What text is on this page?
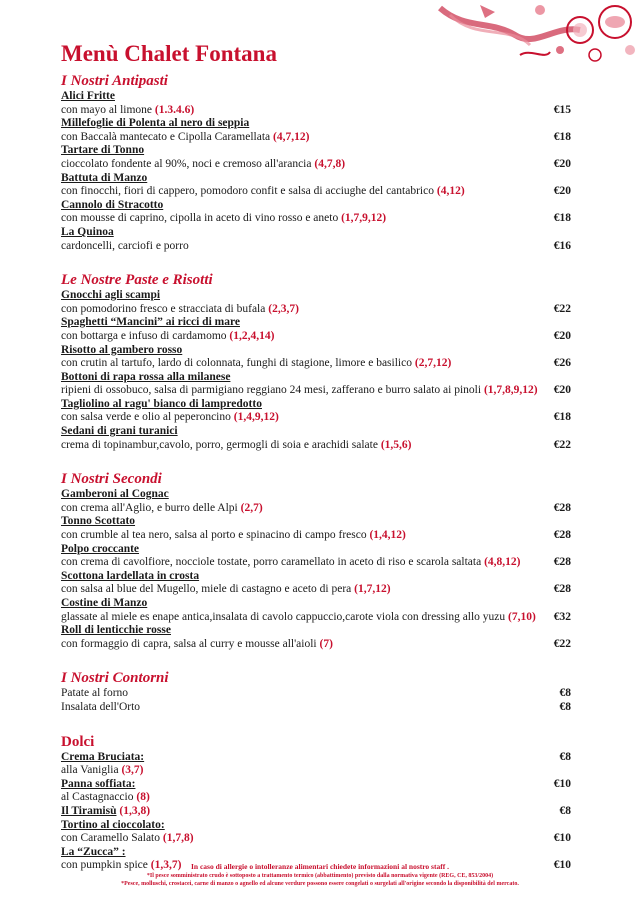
Menù Chalet Fontana
I Nostri Antipasti
Alici Fritte
con mayo al limone (1.3.4.6)	€15
Millefoglie di Polenta al nero di seppia
con Baccalà mantecato e Cipolla Caramellata (4,7,12)	€18
Tartare di Tonno
cioccolato fondente al 90%, noci e cremoso all'arancia (4,7,8)	€20
Battuta di Manzo
con finocchi, fiori di cappero, pomodoro confit e salsa di acciughe del cantabrico (4,12)	€20
Cannolo di Stracotto
con mousse di caprino, cipolla in aceto di vino rosso e aneto (1,7,9,12)	€18
La Quinoa
cardoncelli, carciofi e porro	€16
Le Nostre Paste e Risotti
Gnocchi agli scampi
con pomodorino fresco e stracciata di bufala (2,3,7)	€22
Spaghetti “Mancini” ai ricci di mare
con bottarga e infuso di cardamomo (1,2,4,14)	€20
Risotto al gambero rosso
con crutin al tartufo, lardo di colonnata, funghi di stagione, limore e basilico (2,7,12)	€26
Bottoni di rapa rossa alla milanese
ripieni di ossobuco, salsa di parmigiano reggiano 24 mesi, zafferano e burro salato ai pinoli (1,7,8,9,12) €20
Tagliolino al ragu' bianco di lampredotto
con salsa verde e olio al peperoncino (1,4,9,12)	€18
Sedani di grani turanici
crema di topinambur,cavolo, porro, germogli di soia e arachidi salate (1,5,6)	€22
I Nostri Secondi
Gamberoni al Cognac
con crema all'Aglio, e burro delle Alpi (2,7)	€28
Tonno Scottato
con crumble al tea nero, salsa al porto e spinacino di campo fresco (1,4,12)	€28
Polpo croccante
con crema di cavolfiore, nocciole tostate, porro caramellato in aceto di riso e scarola saltata (4,8,12)	€28
Scottona lardellata in crosta
con salsa al blue del Mugello, miele di castagno e aceto di pera (1,7,12)	€28
Costine di Manzo
glassate al miele es enape antica,insalata di cavolo cappuccio,carote viola con dressing allo yuzu (7,10) €32
Roll di lenticchie rosse
con formaggio di capra, salsa al curry e mousse all'aioli (7)	€22
I Nostri Contorni
Patate al forno	€8
Insalata dell'Orto	€8
Dolci
Crema Bruciata:	€8
alla Vaniglia (3,7)
Panna soffiata:	€10
al Castagnaccio (8)
Il Tiramisù (1,3,8)	€8
Tortino al cioccolato:
con Caramello Salato (1,7,8)	€10
La “Zucca” :
con pumpkin spice (1,3,7)	€10
In caso di allergie o intolleranze alimentari chiedete informazioni al nostro staff .
*Il pesce somministrato crudo è sottoposto a trattamento termico (abbattimento) previsto dalla normativa vigente (REG, CE, 853/2004)
*Pesce, molluschi, crostacei, carne di manzo o agnello ed alcune verdure possono essere congelati o surgelati all'origine secondo la disponibilità del mercato.
